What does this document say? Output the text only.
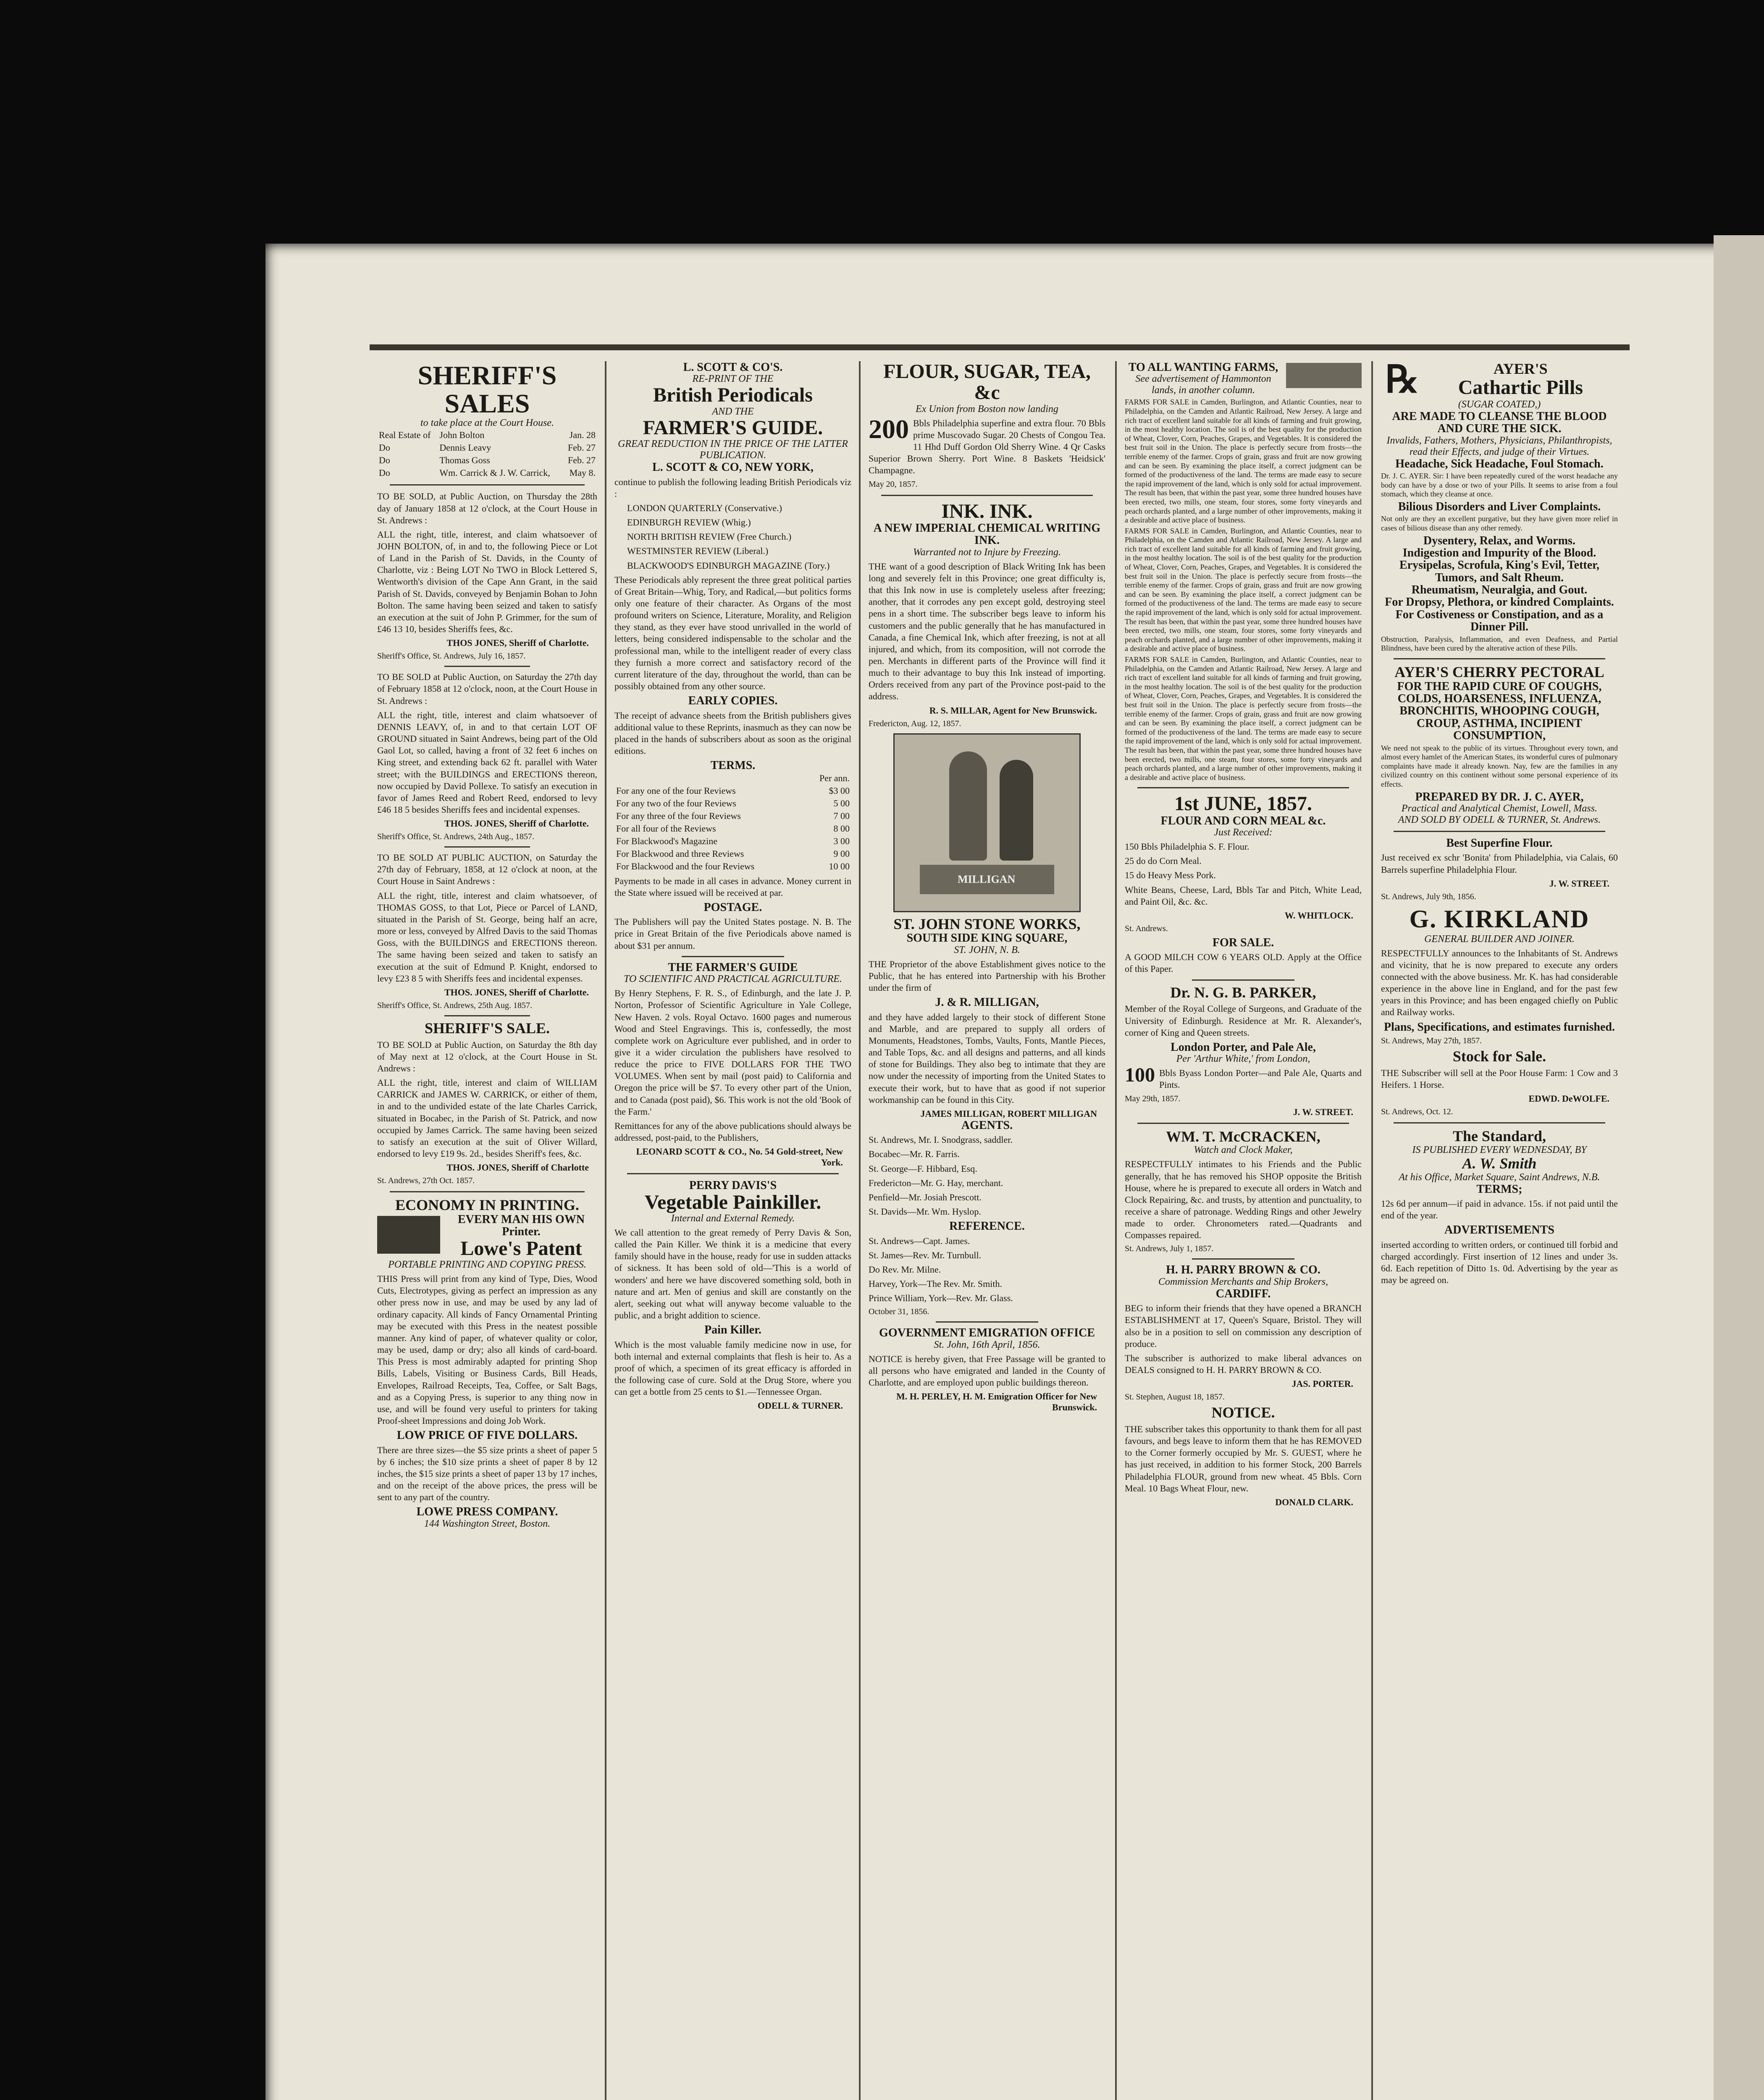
SHERIFF'S SALES
to take place at the Court House.
Real Estate of	John Bolton	Jan. 28
Do	Dennis Leavy	Feb. 27
Do	Thomas Goss	Feb. 27
Do	Wm. Carrick & J. W. Carrick,	May 8.

TO BE SOLD, at Public Auction, on Thursday the 28th day of January 1858 at 12 o'clock, at the Court House in St. Andrews :

ALL the right, title, interest, and claim whatsoever of JOHN BOLTON, of, in and to, the following Piece or Lot of Land in the Parish of St. Davids, in the County of Charlotte, viz : Being LOT No TWO in Block Lettered S, Wentworth's division of the Cape Ann Grant, in the said Parish of St. Davids, conveyed by Benjamin Bohan to John Bolton. The same having been seized and taken to satisfy an execution at the suit of John P. Grimmer, for the sum of £46 13 10, besides Sheriffs fees, &c.

THOS JONES, Sheriff of Charlotte.

Sheriff's Office, St. Andrews, July 16, 1857.

TO BE SOLD at Public Auction, on Saturday the 27th day of February 1858 at 12 o'clock, noon, at the Court House in St. Andrews :

ALL the right, title, interest and claim whatsoever of DENNIS LEAVY, of, in and to that certain LOT OF GROUND situated in Saint Andrews, being part of the Old Gaol Lot, so called, having a front of 32 feet 6 inches on King street, and extending back 62 ft. parallel with Water street; with the BUILDINGS and ERECTIONS thereon, now occupied by David Pollexe. To satisfy an execution in favor of James Reed and Robert Reed, endorsed to levy £46 18 5 besides Sheriffs fees and incidental expenses.

THOS. JONES, Sheriff of Charlotte.

Sheriff's Office, St. Andrews, 24th Aug., 1857.

TO BE SOLD AT PUBLIC AUCTION, on Saturday the 27th day of February, 1858, at 12 o'clock at noon, at the Court House in Saint Andrews :

ALL the right, title, interest and claim whatsoever, of THOMAS GOSS, to that Lot, Piece or Parcel of LAND, situated in the Parish of St. George, being half an acre, more or less, conveyed by Alfred Davis to the said Thomas Goss, with the BUILDINGS and ERECTIONS thereon. The same having been seized and taken to satisfy an execution at the suit of Edmund P. Knight, endorsed to levy £23 8 5 with Sheriffs fees and incidental expenses.

THOS. JONES, Sheriff of Charlotte.

Sheriff's Office, St. Andrews, 25th Aug. 1857.

SHERIFF'S SALE.

TO BE SOLD at Public Auction, on Saturday the 8th day of May next at 12 o'clock, at the Court House in St. Andrews :

ALL the right, title, interest and claim of WILLIAM CARRICK and JAMES W. CARRICK, or either of them, in and to the undivided estate of the late Charles Carrick, situated in Bocabec, in the Parish of St. Patrick, and now occupied by James Carrick. The same having been seized to satisfy an execution at the suit of Oliver Willard, endorsed to levy £19 9s. 2d., besides Sheriff's fees, &c.

THOS. JONES, Sheriff of Charlotte

St. Andrews, 27th Oct. 1857.

ECONOMY IN PRINTING.
EVERY MAN HIS OWN Printer.
Lowe's Patent
PORTABLE PRINTING AND COPYING PRESS.

THIS Press will print from any kind of Type, Dies, Wood Cuts, Electrotypes, giving as perfect an impression as any other press now in use, and may be used by any lad of ordinary capacity. All kinds of Fancy Ornamental Printing may be executed with this Press in the neatest possible manner. Any kind of paper, of whatever quality or color, may be used, damp or dry; also all kinds of card-board. This Press is most admirably adapted for printing Shop Bills, Labels, Visiting or Business Cards, Bill Heads, Envelopes, Railroad Receipts, Tea, Coffee, or Salt Bags, and as a Copying Press, is superior to any thing now in use, and will be found very useful to printers for taking Proof-sheet Impressions and doing Job Work.

LOW PRICE OF FIVE DOLLARS.

There are three sizes—the $5 size prints a sheet of paper 5 by 6 inches; the $10 size prints a sheet of paper 8 by 12 inches, the $15 size prints a sheet of paper 13 by 17 inches, and on the receipt of the above prices, the press will be sent to any part of the country.

LOWE PRESS COMPANY.
144 Washington Street, Boston.
L. SCOTT & CO'S.
RE-PRINT OF THE
British Periodicals
AND THE
FARMER'S GUIDE.
GREAT REDUCTION IN THE PRICE OF THE LATTER PUBLICATION.
L. SCOTT & CO, NEW YORK,

continue to publish the following leading British Periodicals viz :

LONDON QUARTERLY (Conservative.)
EDINBURGH REVIEW (Whig.)
NORTH BRITISH REVIEW (Free Church.)
WESTMINSTER REVIEW (Liberal.)
BLACKWOOD'S EDINBURGH MAGAZINE (Tory.)

These Periodicals ably represent the three great political parties of Great Britain—Whig, Tory, and Radical,—but politics forms only one feature of their character. As Organs of the most profound writers on Science, Literature, Morality, and Religion they stand, as they ever have stood unrivalled in the world of letters, being considered indispensable to the scholar and the professional man, while to the intelligent reader of every class they furnish a more correct and satisfactory record of the current literature of the day, throughout the world, than can be possibly obtained from any other source.

EARLY COPIES.

The receipt of advance sheets from the British publishers gives additional value to these Reprints, inasmuch as they can now be placed in the hands of subscribers about as soon as the original editions.

TERMS.
	Per ann.
For any one of the four Reviews	$3 00
For any two of the four Reviews	5 00
For any three of the four Reviews	7 00
For all four of the Reviews	8 00
For Blackwood's Magazine	3 00
For Blackwood and three Reviews	9 00
For Blackwood and the four Reviews	10 00

Payments to be made in all cases in advance. Money current in the State where issued will be received at par.

POSTAGE.

The Publishers will pay the United States postage. N. B. The price in Great Britain of the five Periodicals above named is about $31 per annum.

THE FARMER'S GUIDE
TO SCIENTIFIC AND PRACTICAL AGRICULTURE.

By Henry Stephens, F. R. S., of Edinburgh, and the late J. P. Norton, Professor of Scientific Agriculture in Yale College, New Haven. 2 vols. Royal Octavo. 1600 pages and numerous Wood and Steel Engravings. This is, confessedly, the most complete work on Agriculture ever published, and in order to give it a wider circulation the publishers have resolved to reduce the price to FIVE DOLLARS FOR THE TWO VOLUMES. When sent by mail (post paid) to California and Oregon the price will be $7. To every other part of the Union, and to Canada (post paid), $6. This work is not the old 'Book of the Farm.'

Remittances for any of the above publications should always be addressed, post-paid, to the Publishers,

LEONARD SCOTT & CO., No. 54 Gold-street, New York.
PERRY DAVIS'S
Vegetable Painkiller.
Internal and External Remedy.

We call attention to the great remedy of Perry Davis & Son, called the Pain Killer. We think it is a medicine that every family should have in the house, ready for use in sudden attacks of sickness. It has been sold of old—'This is a world of wonders' and here we have discovered something sold, both in nature and art. Men of genius and skill are constantly on the alert, seeking out what will anyway become valuable to the public, and a bright addition to science.

Pain Killer.

Which is the most valuable family medicine now in use, for both internal and external complaints that flesh is heir to. As a proof of which, a specimen of its great efficacy is afforded in the following case of cure. Sold at the Drug Store, where you can get a bottle from 25 cents to $1.—Tennessee Organ.

ODELL & TURNER.
FLOUR, SUGAR, TEA, &c
Ex Union from Boston now landing
200 Bbls Philadelphia superfine and extra flour. 70 Bbls prime Muscovado Sugar. 20 Chests of Congou Tea. 11 Hhd Duff Gordon Old Sherry Wine. 4 Qr Casks Superior Brown Sherry. Port Wine. 8 Baskets 'Heidsick' Champagne.

May 20, 1857.

INK. INK.
A NEW IMPERIAL CHEMICAL WRITING INK.
Warranted not to Injure by Freezing.

THE want of a good description of Black Writing Ink has been long and severely felt in this Province; one great difficulty is, that this Ink now in use is completely useless after freezing; another, that it corrodes any pen except gold, destroying steel pens in a short time. The subscriber begs leave to inform his customers and the public generally that he has manufactured in Canada, a fine Chemical Ink, which after freezing, is not at all injured, and which, from its composition, will not corrode the pen. Merchants in different parts of the Province will find it much to their advantage to buy this Ink instead of importing. Orders received from any part of the Province post-paid to the address.

R. S. MILLAR, Agent for New Brunswick.

Fredericton, Aug. 12, 1857.

MILLIGAN
ST. JOHN STONE WORKS,
SOUTH SIDE KING SQUARE,
ST. JOHN, N. B.

THE Proprietor of the above Establishment gives notice to the Public, that he has entered into Partnership with his Brother under the firm of

J. & R. MILLIGAN,

and they have added largely to their stock of different Stone and Marble, and are prepared to supply all orders of Monuments, Headstones, Tombs, Vaults, Fonts, Mantle Pieces, and Table Tops, &c. and all designs and patterns, and all kinds of stone for Buildings. They also beg to intimate that they are now under the necessity of importing from the United States to execute their work, but to have that as good if not superior workmanship can be found in this City.

JAMES MILLIGAN, ROBERT MILLIGAN
AGENTS.
St. Andrews, Mr. I. Snodgrass, saddler.
Bocabec—Mr. R. Farris.
St. George—F. Hibbard, Esq.
Fredericton—Mr. G. Hay, merchant.
Penfield—Mr. Josiah Prescott.
St. Davids—Mr. Wm. Hyslop.
REFERENCE.
St. Andrews—Capt. James.
St. James—Rev. Mr. Turnbull.
Do Rev. Mr. Milne.
Harvey, York—The Rev. Mr. Smith.
Prince William, York—Rev. Mr. Glass.

October 31, 1856.

GOVERNMENT EMIGRATION OFFICE
St. John, 16th April, 1856.

NOTICE is hereby given, that Free Passage will be granted to all persons who have emigrated and landed in the County of Charlotte, and are employed upon public buildings thereon.

M. H. PERLEY, H. M. Emigration Officer for New Brunswick.
TO ALL WANTING FARMS,
See advertisement of Hammonton lands, in another column.

FARMS FOR SALE in Camden, Burlington, and Atlantic Counties, near to Philadelphia, on the Camden and Atlantic Railroad, New Jersey. A large and rich tract of excellent land suitable for all kinds of farming and fruit growing, in the most healthy location. The soil is of the best quality for the production of Wheat, Clover, Corn, Peaches, Grapes, and Vegetables. It is considered the best fruit soil in the Union. The place is perfectly secure from frosts—the terrible enemy of the farmer. Crops of grain, grass and fruit are now growing and can be seen. By examining the place itself, a correct judgment can be formed of the productiveness of the land. The terms are made easy to secure the rapid improvement of the land, which is only sold for actual improvement. The result has been, that within the past year, some three hundred houses have been erected, two mills, one steam, four stores, some forty vineyards and peach orchards planted, and a large number of other improvements, making it a desirable and active place of business.

FARMS FOR SALE in Camden, Burlington, and Atlantic Counties, near to Philadelphia, on the Camden and Atlantic Railroad, New Jersey. A large and rich tract of excellent land suitable for all kinds of farming and fruit growing, in the most healthy location. The soil is of the best quality for the production of Wheat, Clover, Corn, Peaches, Grapes, and Vegetables. It is considered the best fruit soil in the Union. The place is perfectly secure from frosts—the terrible enemy of the farmer. Crops of grain, grass and fruit are now growing and can be seen. By examining the place itself, a correct judgment can be formed of the productiveness of the land. The terms are made easy to secure the rapid improvement of the land, which is only sold for actual improvement. The result has been, that within the past year, some three hundred houses have been erected, two mills, one steam, four stores, some forty vineyards and peach orchards planted, and a large number of other improvements, making it a desirable and active place of business.

FARMS FOR SALE in Camden, Burlington, and Atlantic Counties, near to Philadelphia, on the Camden and Atlantic Railroad, New Jersey. A large and rich tract of excellent land suitable for all kinds of farming and fruit growing, in the most healthy location. The soil is of the best quality for the production of Wheat, Clover, Corn, Peaches, Grapes, and Vegetables. It is considered the best fruit soil in the Union. The place is perfectly secure from frosts—the terrible enemy of the farmer. Crops of grain, grass and fruit are now growing and can be seen. By examining the place itself, a correct judgment can be formed of the productiveness of the land. The terms are made easy to secure the rapid improvement of the land, which is only sold for actual improvement. The result has been, that within the past year, some three hundred houses have been erected, two mills, one steam, four stores, some forty vineyards and peach orchards planted, and a large number of other improvements, making it a desirable and active place of business.

1st JUNE, 1857.
FLOUR AND CORN MEAL &c.
Just Received:
150 Bbls Philadelphia S. F. Flour.
25 do do Corn Meal.
15 do Heavy Mess Pork.
White Beans, Cheese, Lard, Bbls Tar and Pitch, White Lead, and Paint Oil, &c. &c.
W. WHITLOCK.

St. Andrews.

FOR SALE.

A GOOD MILCH COW 6 YEARS OLD. Apply at the Office of this Paper.

Dr. N. G. B. PARKER,

Member of the Royal College of Surgeons, and Graduate of the University of Edinburgh. Residence at Mr. R. Alexander's, corner of King and Queen streets.

London Porter, and Pale Ale,
Per 'Arthur White,' from London,
100 Bbls Byass London Porter—and Pale Ale, Quarts and Pints.

May 29th, 1857.

J. W. STREET.
WM. T. McCRACKEN,
Watch and Clock Maker,

RESPECTFULLY intimates to his Friends and the Public generally, that he has removed his SHOP opposite the British House, where he is prepared to execute all orders in Watch and Clock Repairing, &c. and trusts, by attention and punctuality, to receive a share of patronage. Wedding Rings and other Jewelry made to order. Chronometers rated.—Quadrants and Compasses repaired.

St. Andrews, July 1, 1857.

H. H. PARRY BROWN & CO.
Commission Merchants and Ship Brokers,
CARDIFF.

BEG to inform their friends that they have opened a BRANCH ESTABLISHMENT at 17, Queen's Square, Bristol. They will also be in a position to sell on commission any description of produce.

The subscriber is authorized to make liberal advances on DEALS consigned to H. H. PARRY BROWN & CO.

JAS. PORTER.

St. Stephen, August 18, 1857.

NOTICE.

THE subscriber takes this opportunity to thank them for all past favours, and begs leave to inform them that he has REMOVED to the Corner formerly occupied by Mr. S. GUEST, where he has just received, in addition to his former Stock, 200 Barrels Philadelphia FLOUR, ground from new wheat. 45 Bbls. Corn Meal. 10 Bags Wheat Flour, new.

DONALD CLARK.
℞	AYER'S
Cathartic Pills
(SUGAR COATED,)
ARE MADE TO CLEANSE THE BLOOD AND CURE THE SICK.
Invalids, Fathers, Mothers, Physicians, Philanthropists, read their Effects, and judge of their Virtues.
Headache, Sick Headache, Foul Stomach.

Dr. J. C. AYER. Sir: I have been repeatedly cured of the worst headache any body can have by a dose or two of your Pills. It seems to arise from a foul stomach, which they cleanse at once.

Bilious Disorders and Liver Complaints.

Not only are they an excellent purgative, but they have given more relief in cases of bilious disease than any other remedy.

Dysentery, Relax, and Worms.
Indigestion and Impurity of the Blood.
Erysipelas, Scrofula, King's Evil, Tetter, Tumors, and Salt Rheum.
Rheumatism, Neuralgia, and Gout.
For Dropsy, Plethora, or kindred Complaints.
For Costiveness or Constipation, and as a Dinner Pill.

Obstruction, Paralysis, Inflammation, and even Deafness, and Partial Blindness, have been cured by the alterative action of these Pills.

AYER'S CHERRY PECTORAL
FOR THE RAPID CURE OF COUGHS, COLDS, HOARSENESS, INFLUENZA, BRONCHITIS, WHOOPING COUGH, CROUP, ASTHMA, INCIPIENT CONSUMPTION,

We need not speak to the public of its virtues. Throughout every town, and almost every hamlet of the American States, its wonderful cures of pulmonary complaints have made it already known. Nay, few are the families in any civilized country on this continent without some personal experience of its effects.

PREPARED BY DR. J. C. AYER,
Practical and Analytical Chemist, Lowell, Mass.
AND SOLD BY ODELL & TURNER, St. Andrews.
Best Superfine Flour.

Just received ex schr 'Bonita' from Philadelphia, via Calais, 60 Barrels superfine Philadelphia Flour.

J. W. STREET.

St. Andrews, July 9th, 1856.

G. KIRKLAND
GENERAL BUILDER AND JOINER.

RESPECTFULLY announces to the Inhabitants of St. Andrews and vicinity, that he is now prepared to execute any orders connected with the above business. Mr. K. has had considerable experience in the above line in England, and for the past few years in this Province; and has been engaged chiefly on Public and Railway works.

Plans, Specifications, and estimates furnished.

St. Andrews, May 27th, 1857.

Stock for Sale.

THE Subscriber will sell at the Poor House Farm: 1 Cow and 3 Heifers. 1 Horse.

EDWD. DeWOLFE.

St. Andrews, Oct. 12.

The Standard,
IS PUBLISHED EVERY WEDNESDAY, BY
A. W. Smith
At his Office, Market Square, Saint Andrews, N.B.
TERMS;

12s 6d per annum—if paid in advance. 15s. if not paid until the end of the year.

ADVERTISEMENTS

inserted according to written orders, or continued till forbid and charged accordingly. First insertion of 12 lines and under 3s. 6d. Each repetition of Ditto 1s. 0d. Advertising by the year as may be agreed on.
